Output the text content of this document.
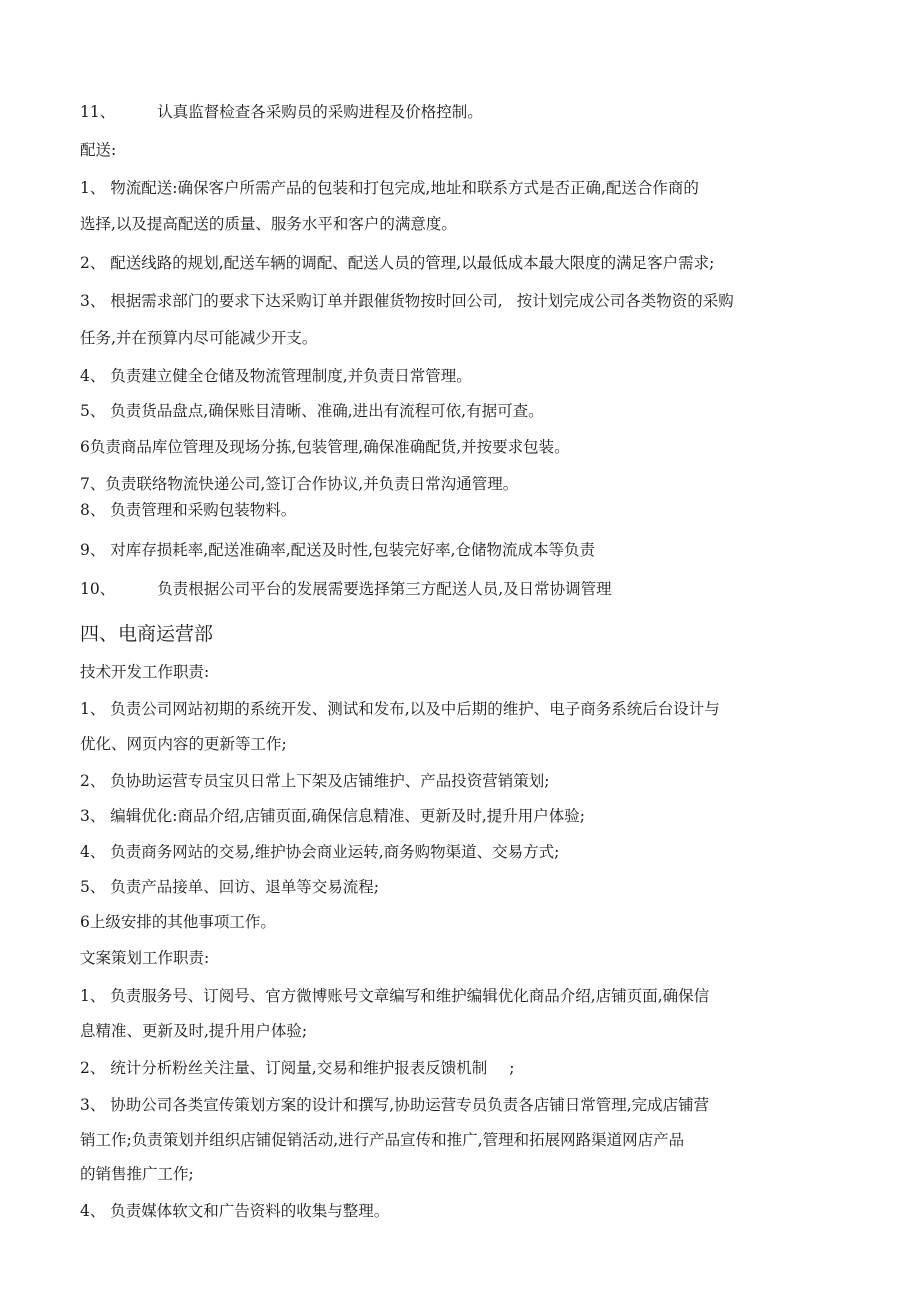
11、	认真监督检查各采购员的采购进程及价格控制。

配送:

1、 物流配送:确保客户所需产品的包装和打包完成,地址和联系方式是否正确,配送合作商的

选择,以及提高配送的质量、服务水平和客户的满意度。

2、 配送线路的规划,配送车辆的调配、配送人员的管理,以最低成本最大限度的满足客户需求;

3、 根据需求部门的要求下达采购订单并跟催货物按时回公司, 按计划完成公司各类物资的采购

任务,并在预算内尽可能减少开支。

4、 负责建立健全仓储及物流管理制度,并负责日常管理。

5、 负责货品盘点,确保账目清晰、准确,进出有流程可依,有据可查。

6负责商品库位管理及现场分拣,包装管理,确保准确配货,并按要求包装。

7、负责联络物流快递公司,签订合作协议,并负责日常沟通管理。

8、 负责管理和采购包装物料。

9、 对库存损耗率,配送准确率,配送及时性,包装完好率,仓储物流成本等负责

10、	负责根据公司平台的发展需要选择第三方配送人员,及日常协调管理

四、电商运营部

技术开发工作职责:

1、 负责公司网站初期的系统开发、测试和发布,以及中后期的维护、电子商务系统后台设计与

优化、网页内容的更新等工作;

2、 负协助运营专员宝贝日常上下架及店铺维护、产品投资营销策划;

3、 编辑优化:商品介绍,店铺页面,确保信息精准、更新及时,提升用户体验;

4、 负责商务网站的交易,维护协会商业运转,商务购物渠道、交易方式;

5、 负责产品接单、回访、退单等交易流程;

6上级安排的其他事项工作。

文案策划工作职责:

1、 负责服务号、订阅号、官方微博账号文章编写和维护编辑优化商品介绍,店铺页面,确保信

息精准、更新及时,提升用户体验;

2、 统计分析粉丝关注量、订阅量,交易和维护报表反馈机制 ;

3、 协助公司各类宣传策划方案的设计和撰写,协助运营专员负责各店铺日常管理,完成店铺营

销工作;负责策划并组织店铺促销活动,进行产品宣传和推广,管理和拓展网路渠道网店产品

的销售推广工作;

4、 负责媒体软文和广告资料的收集与整理。
